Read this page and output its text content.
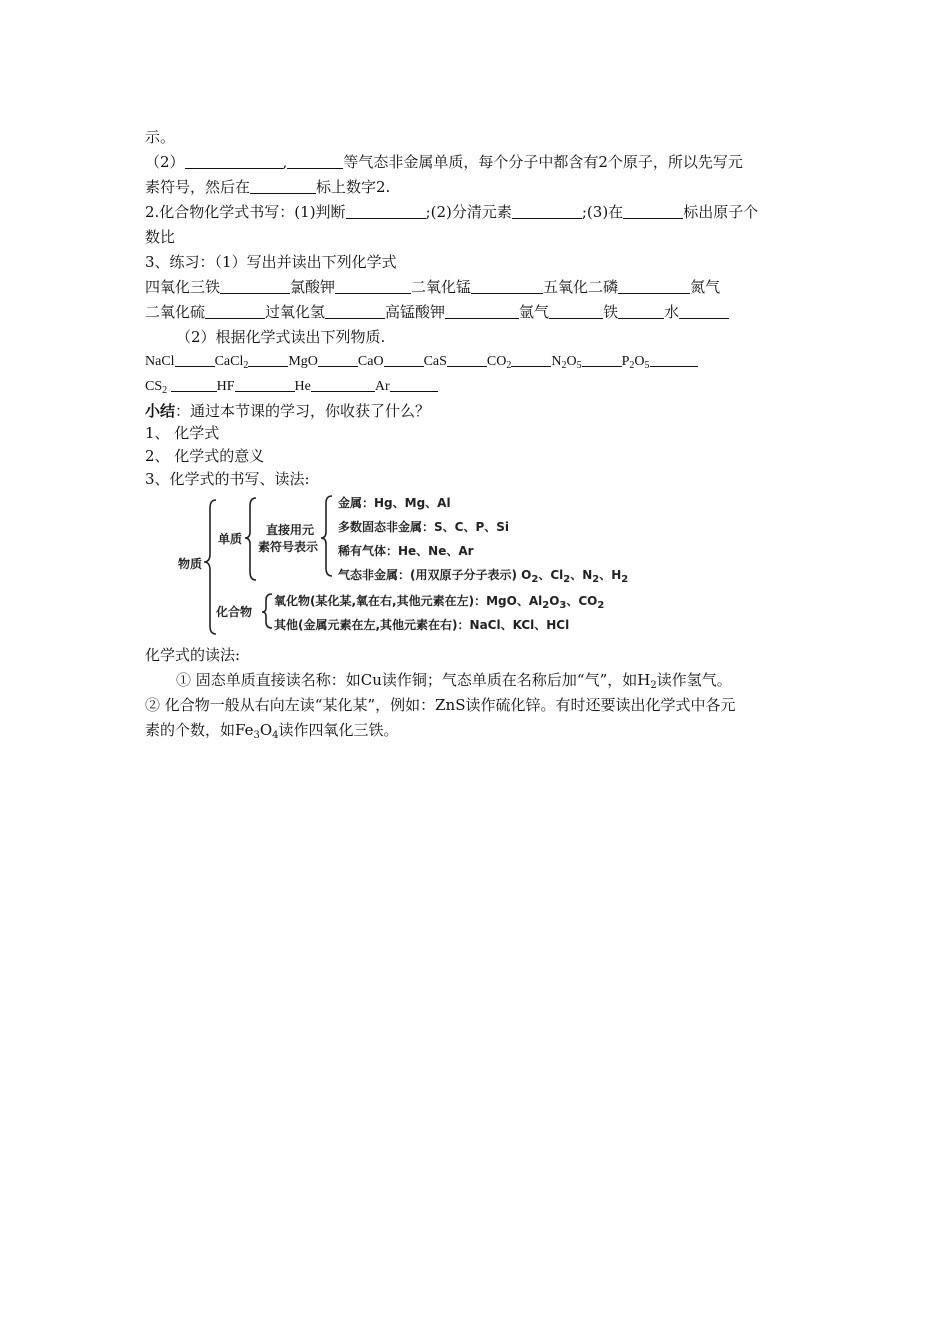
示。
（2）	,	等气态非金属单质，每个分子中都含有2个原子，所以先写元
素符号，然后在	标上数字2.
2.化合物化学式书写：(1)判断	;(2)分清元素	;(3)在	标出原子个
数比
3、练习：（1）写出并读出下列化学式
四氧化三铁	氯酸钾	二氧化锰	五氧化二磷	氮气
二氧化硫	过氧化氢	高锰酸钾	氩气	铁	水
（2）根据化学式读出下列物质.
NaCl	CaCl$_2$	MgO	CaO	CaS	$CO_2$	$N_2O_5$	$P_2O_5$
$CS_2$	HF	He	Ar
小结：通过本节课的学习，你收获了什么？
1、 化学式
2、 化学式的意义
3、化学式的书写、读法:
物质
单质
直接用元
素符号表示
金属：Hg、Mg、Al
多数固态非金属：S、C、P、Si
稀有气体：He、Ne、Ar
气态非金属：(用双原子分子表示) $O_2$、$Cl_2$、$N_2$、$H_2$
化合物
氧化物(某化某,氧在右,其他元素在左)：MgO、$Al_2O_3$、$CO_2$
其他(金属元素在左,其他元素在右)：NaCl、KCl、HCl
化学式的读法:
① 固态单质直接读名称：如Cu读作铜；气态单质在名称后加“气”，如$H_2$读作氢气。
② 化合物一般从右向左读“某化某”，例如：ZnS读作硫化锌。有时还要读出化学式中各元
素的个数，如$Fe_3O_4$读作四氧化三铁。
